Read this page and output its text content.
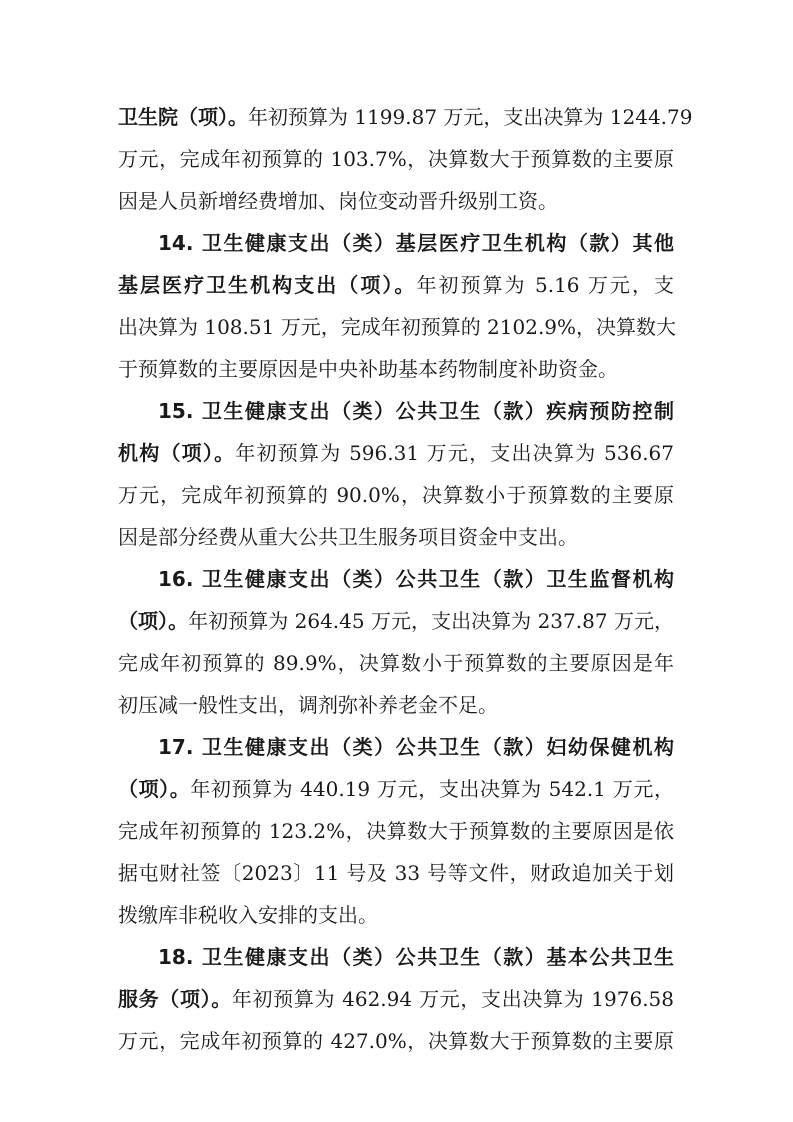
卫生院（项）。年初预算为 1199.87 万元，支出决算为 1244.79
万元，完成年初预算的 103.7%，决算数大于预算数的主要原
因是人员新增经费增加、岗位变动晋升级别工资。
14. 卫生健康支出（类）基层医疗卫生机构（款）其他
基层医疗卫生机构支出（项）。年初预算为 5.16 万元，支
出决算为 108.51 万元，完成年初预算的 2102.9%，决算数大
于预算数的主要原因是中央补助基本药物制度补助资金。
15. 卫生健康支出（类）公共卫生（款）疾病预防控制
机构（项）。年初预算为 596.31 万元，支出决算为 536.67
万元，完成年初预算的 90.0%，决算数小于预算数的主要原
因是部分经费从重大公共卫生服务项目资金中支出。
16. 卫生健康支出（类）公共卫生（款）卫生监督机构
（项）。年初预算为 264.45 万元，支出决算为 237.87 万元，
完成年初预算的 89.9%，决算数小于预算数的主要原因是年
初压减一般性支出，调剂弥补养老金不足。
17. 卫生健康支出（类）公共卫生（款）妇幼保健机构
（项）。年初预算为 440.19 万元，支出决算为 542.1 万元，
完成年初预算的 123.2%，决算数大于预算数的主要原因是依
据屯财社签〔2023〕11 号及 33 号等文件，财政追加关于划
拨缴库非税收入安排的支出。
18. 卫生健康支出（类）公共卫生（款）基本公共卫生
服务（项）。年初预算为 462.94 万元，支出决算为 1976.58
万元，完成年初预算的 427.0%，决算数大于预算数的主要原
